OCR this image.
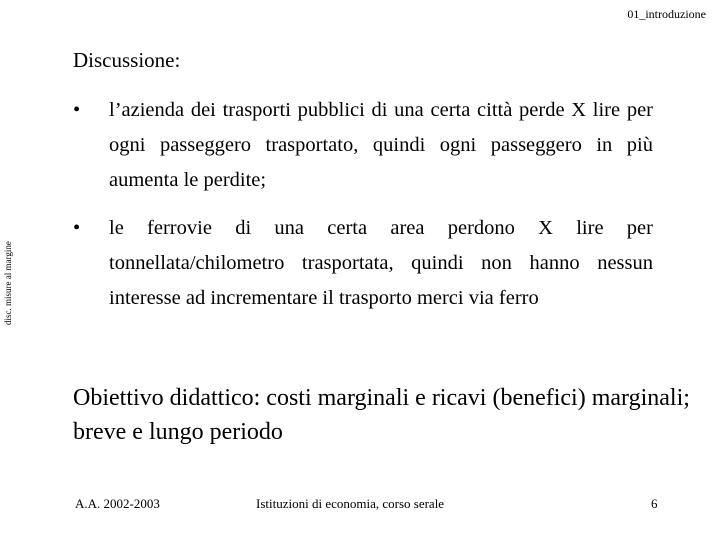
01_introduzione
disc. misure al margine
Discussione:
• l’azienda dei trasporti pubblici di una certa città perde X lire per ogni passeggero trasportato, quindi ogni passeggero in più aumenta le perdite;
• le ferrovie di una certa area perdono X lire per tonnellata/chilometro trasportata, quindi non hanno nessun interesse ad incrementare il trasporto merci via ferro
Obiettivo didattico: costi marginali e ricavi (benefici) marginali; breve e lungo periodo
A.A. 2002-2003	Istituzioni di economia, corso serale	6
